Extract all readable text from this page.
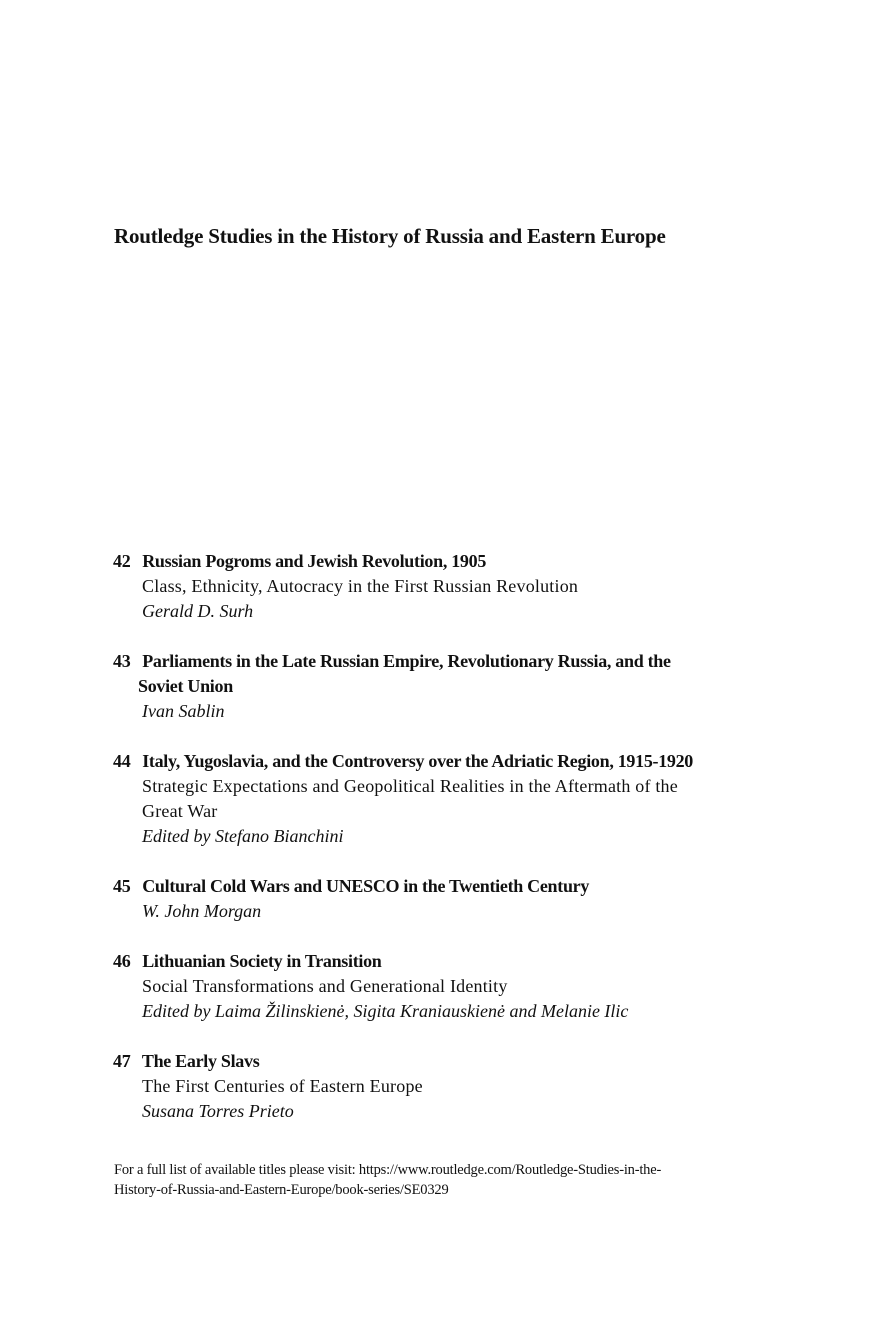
Routledge Studies in the History of Russia and Eastern Europe
42 Russian Pogroms and Jewish Revolution, 1905
Class, Ethnicity, Autocracy in the First Russian Revolution
Gerald D. Surh
43 Parliaments in the Late Russian Empire, Revolutionary Russia, and the
Soviet Union
Ivan Sablin
44 Italy, Yugoslavia, and the Controversy over the Adriatic Region, 1915-1920
Strategic Expectations and Geopolitical Realities in the Aftermath of the
Great War
Edited by Stefano Bianchini
45 Cultural Cold Wars and UNESCO in the Twentieth Century
W. John Morgan
46 Lithuanian Society in Transition
Social Transformations and Generational Identity
Edited by Laima Žilinskienė, Sigita Kraniauskienė and Melanie Ilic
47 The Early Slavs
The First Centuries of Eastern Europe
Susana Torres Prieto

For a full list of available titles please visit: https://www.routledge.com/Routledge-Studies-in-the-
History-of-Russia-and-Eastern-Europe/book-series/SE0329
